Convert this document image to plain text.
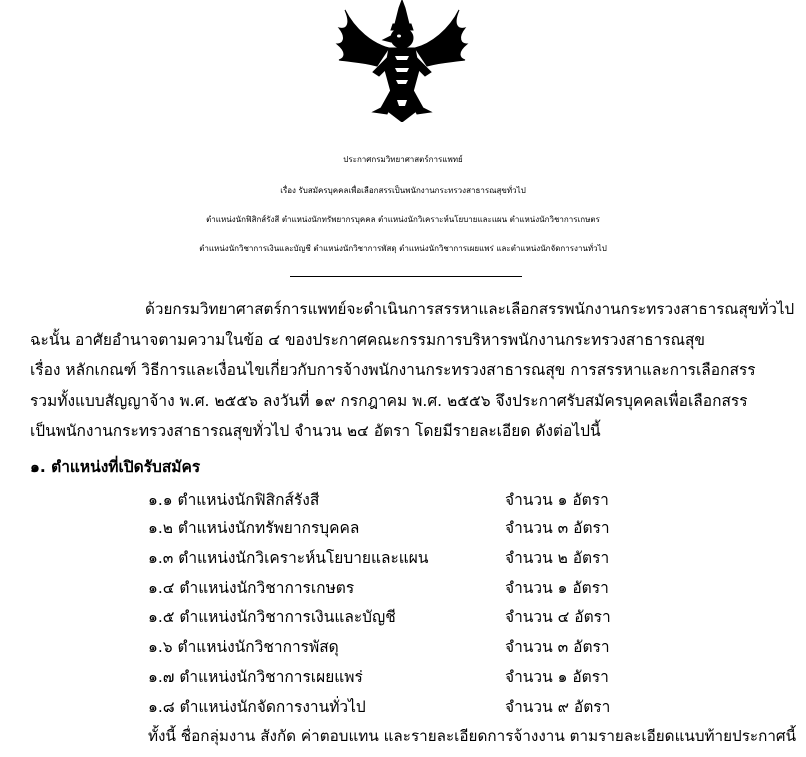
ประกาศกรมวิทยาศาสตร์การแพทย์
เรื่อง รับสมัครบุคคลเพื่อเลือกสรรเป็นพนักงานกระทรวงสาธารณสุขทั่วไป
ตำแหน่งนักฟิสิกส์รังสี ตำแหน่งนักทรัพยากรบุคคล ตำแหน่งนักวิเคราะห์นโยบายและแผน ตำแหน่งนักวิชาการเกษตร
ตำแหน่งนักวิชาการเงินและบัญชี ตำแหน่งนักวิชาการพัสดุ ตำแหน่งนักวิชาการเผยแพร่ และตำแหน่งนักจัดการงานทั่วไป
ด้วยกรมวิทยาศาสตร์การแพทย์จะดำเนินการสรรหาและเลือกสรรพนักงานกระทรวงสาธารณสุขทั่วไป
ฉะนั้น อาศัยอำนาจตามความในข้อ ๔ ของประกาศคณะกรรมการบริหารพนักงานกระทรวงสาธารณสุข
เรื่อง หลักเกณฑ์ วิธีการและเงื่อนไขเกี่ยวกับการจ้างพนักงานกระทรวงสาธารณสุข การสรรหาและการเลือกสรร
รวมทั้งแบบสัญญาจ้าง พ.ศ. ๒๕๕๖ ลงวันที่ ๑๙ กรกฎาคม พ.ศ. ๒๕๕๖ จึงประกาศรับสมัครบุคคลเพื่อเลือกสรร
เป็นพนักงานกระทรวงสาธารณสุขทั่วไป จำนวน ๒๔ อัตรา โดยมีรายละเอียด ดังต่อไปนี้
๑. ตำแหน่งที่เปิดรับสมัคร
๑.๑ ตำแหน่งนักฟิสิกส์รังสี	จำนวน ๑ อัตรา
๑.๒ ตำแหน่งนักทรัพยากรบุคคล	จำนวน ๓ อัตรา
๑.๓ ตำแหน่งนักวิเคราะห์นโยบายและแผน	จำนวน ๒ อัตรา
๑.๔ ตำแหน่งนักวิชาการเกษตร	จำนวน ๑ อัตรา
๑.๕ ตำแหน่งนักวิชาการเงินและบัญชี	จำนวน ๔ อัตรา
๑.๖ ตำแหน่งนักวิชาการพัสดุ	จำนวน ๓ อัตรา
๑.๗ ตำแหน่งนักวิชาการเผยแพร่	จำนวน ๑ อัตรา
๑.๘ ตำแหน่งนักจัดการงานทั่วไป	จำนวน ๙ อัตรา
ทั้งนี้ ชื่อกลุ่มงาน สังกัด ค่าตอบแทน และรายละเอียดการจ้างงาน ตามรายละเอียดแนบท้ายประกาศนี้
